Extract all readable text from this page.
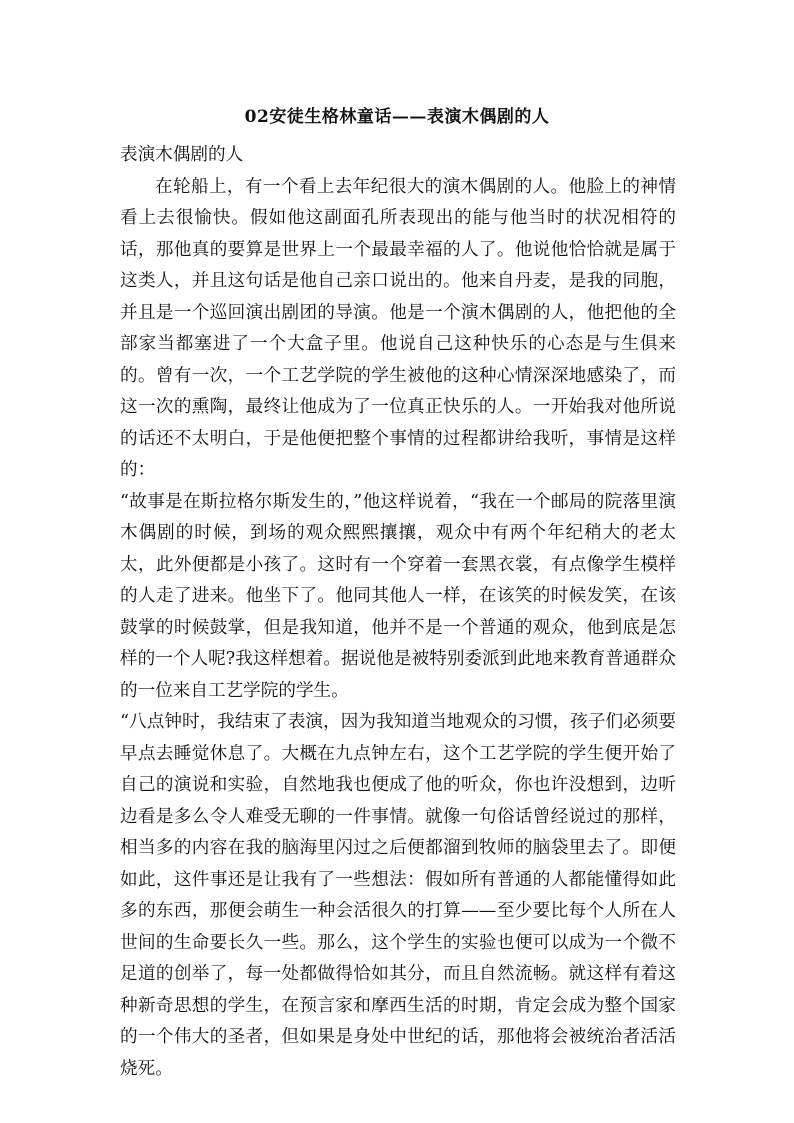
02安徒生格林童话——表演木偶剧的人

表演木偶剧的人

在轮船上，有一个看上去年纪很大的演木偶剧的人。他脸上的神情看上去很愉快。假如他这副面孔所表现出的能与他当时的状况相符的话，那他真的要算是世界上一个最最幸福的人了。他说他恰恰就是属于这类人，并且这句话是他自己亲口说出的。他来自丹麦，是我的同胞，并且是一个巡回演出剧团的导演。他是一个演木偶剧的人，他把他的全部家当都塞进了一个大盒子里。他说自己这种快乐的心态是与生俱来的。曾有一次，一个工艺学院的学生被他的这种心情深深地感染了，而这一次的熏陶，最终让他成为了一位真正快乐的人。一开始我对他所说的话还不太明白，于是他便把整个事情的过程都讲给我听，事情是这样的：

“故事是在斯拉格尔斯发生的，”他这样说着，“我在一个邮局的院落里演木偶剧的时候，到场的观众熙熙攘攘，观众中有两个年纪稍大的老太太，此外便都是小孩了。这时有一个穿着一套黑衣裳，有点像学生模样的人走了进来。他坐下了。他同其他人一样，在该笑的时候发笑，在该鼓掌的时候鼓掌，但是我知道，他并不是一个普通的观众，他到底是怎样的一个人呢?我这样想着。据说他是被特别委派到此地来教育普通群众的一位来自工艺学院的学生。

“八点钟时，我结束了表演，因为我知道当地观众的习惯，孩子们必须要早点去睡觉休息了。大概在九点钟左右，这个工艺学院的学生便开始了自己的演说和实验，自然地我也便成了他的听众，你也许没想到，边听边看是多么令人难受无聊的一件事情。就像一句俗话曾经说过的那样，相当多的内容在我的脑海里闪过之后便都溜到牧师的脑袋里去了。即便如此，这件事还是让我有了一些想法：假如所有普通的人都能懂得如此多的东西，那便会萌生一种会活很久的打算——至少要比每个人所在人世间的生命要长久一些。那么，这个学生的实验也便可以成为一个微不足道的创举了，每一处都做得恰如其分，而且自然流畅。就这样有着这种新奇思想的学生，在预言家和摩西生活的时期，肯定会成为整个国家的一个伟大的圣者，但如果是身处中世纪的话，那他将会被统治者活活烧死。
